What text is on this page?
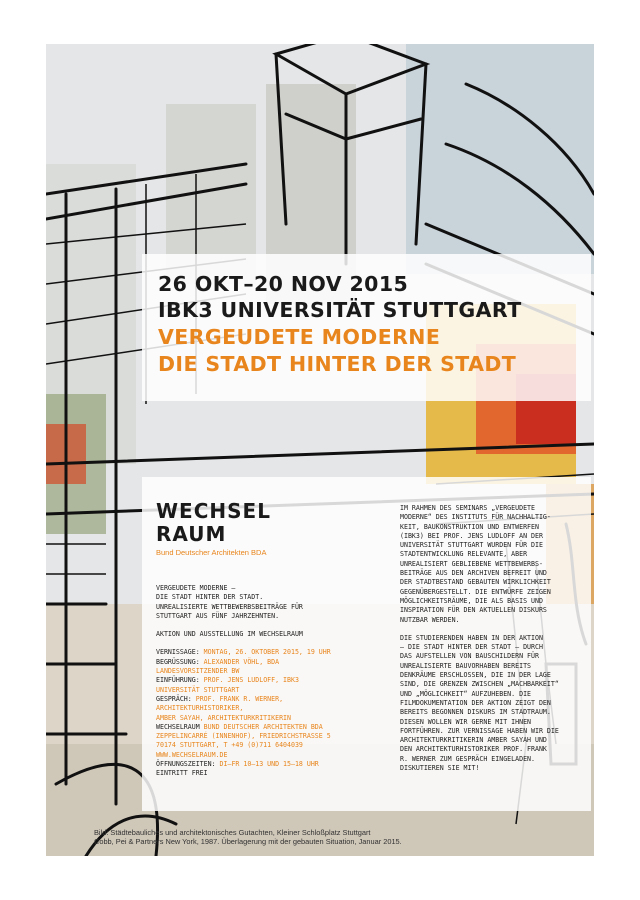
26 OKT–20 NOV 2015
IBK3 UNIVERSITÄT STUTTGART
VERGEUDETE MODERNE
DIE STADT HINTER DER STADT
WECHSEL
RAUM
Bund Deutscher Architekten BDA
VERGEUDETE MODERNE –
DIE STADT HINTER DER STADT.
UNREALISIERTE WETTBEWERBSBEITRÄGE FÜR
STUTTGART AUS FÜNF JAHRZEHNTEN.
AKTION UND AUSSTELLUNG IM WECHSELRAUM
VERNISSAGE: MONTAG, 26. OKTOBER 2015, 19 UHR
BEGRÜSSUNG: ALEXANDER VÖHL, BDA
LANDESVORSITZENDER BW
EINFÜHRUNG: PROF. JENS LUDLOFF, IBK3
UNIVERSITÄT STUTTGART
GESPRÄCH: PROF. FRANK R. WERNER,
ARCHITEKTURHISTORIKER,
AMBER SAYAH, ARCHITEKTURKRITIKERIN
WECHSELRAUM BUND DEUTSCHER ARCHITEKTEN BDA
ZEPPELINCARRÉ (INNENHOF), FRIEDRICHSTRASSE 5
70174 STUTTGART, T +49 (0)711 6404039
WWW.WECHSELRAUM.DE
ÖFFNUNGSZEITEN: DI–FR 10–13 UND 15–18 UHR
EINTRITT FREI

IM RAHMEN DES SEMINARS „VERGEUDETE
MODERNE“ DES INSTITUTS FÜR NACHHALTIG-
KEIT, BAUKONSTRUKTION UND ENTWERFEN
(IBK3) BEI PROF. JENS LUDLOFF AN DER
UNIVERSITÄT STUTTGART WURDEN FÜR DIE
STADTENTWICKLUNG RELEVANTE, ABER
UNREALISIERT GEBLIEBENE WETTBEWERBS-
BEITRÄGE AUS DEN ARCHIVEN BEFREIT UND
DER STADTBESTAND GEBAUTEN WIRKLICHKEIT
GEGENÜBERGESTELLT. DIE ENTWÜRFE ZEIGEN
MÖGLICHKEITSRÄUME, DIE ALS BASIS UND
INSPIRATION FÜR DEN AKTUELLEN DISKURS
NUTZBAR WERDEN.

DIE STUDIERENDEN HABEN IN DER AKTION
– DIE STADT HINTER DER STADT – DURCH
DAS AUFSTELLEN VON BAUSCHILDERN FÜR
UNREALISIERTE BAUVORHABEN BEREITS
DENKRÄUME ERSCHLOSSEN, DIE IN DER LAGE
SIND, DIE GRENZEN ZWISCHEN „MACHBARKEIT“
UND „MÖGLICHKEIT“ AUFZUHEBEN. DIE
FILMDOKUMENTATION DER AKTION ZEIGT DEN
BEREITS BEGONNEN DISKURS IM STADTRAUM.
DIESEN WOLLEN WIR GERNE MIT IHNEN
FORTFÜHREN. ZUR VERNISSAGE HABEN WIR DIE
ARCHITEKTURKRITIKERIN AMBER SAYAH UND
DEN ARCHITEKTURHISTORIKER PROF. FRANK
R. WERNER ZUM GESPRÄCH EINGELADEN.
DISKUTIEREN SIE MIT!

Bild: Städtebauliches und architektonisches Gutachten, Kleiner Schloßplatz Stuttgart
Cobb, Pei & Partners New York, 1987. Überlagerung mit der gebauten Situation, Januar 2015.
